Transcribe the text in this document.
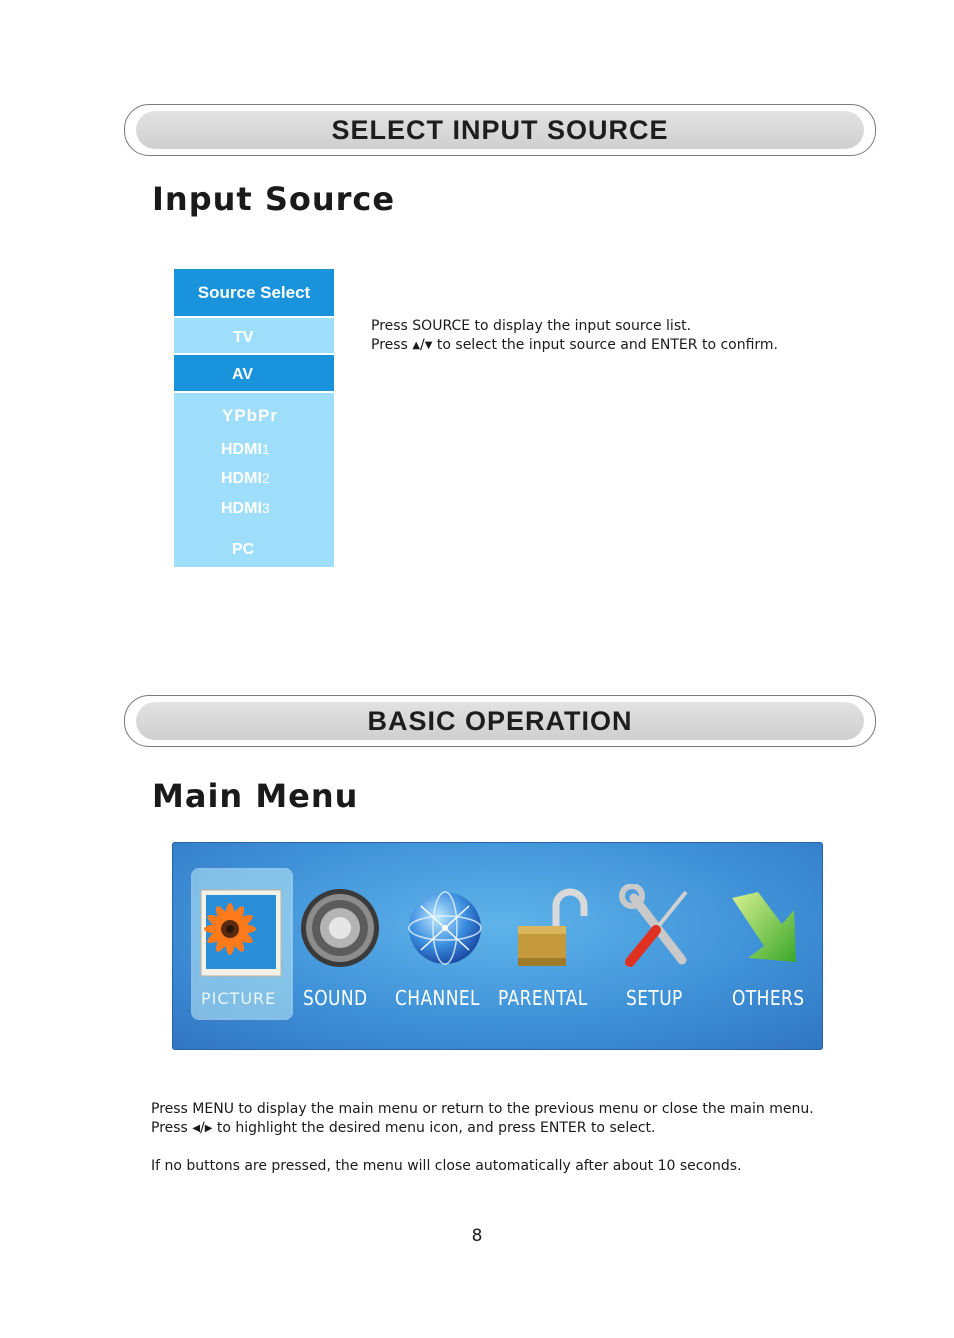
SELECT INPUT SOURCE
Input Source
Source Select
TV
AV
YPbPr
HDMI1
HDMI2
HDMI3
PC
Press SOURCE to display the input source list.
Press ▲/▼ to select the input source and ENTER to confirm.
BASIC OPERATION
Main Menu
PICTURE SOUND CHANNEL PARENTAL SETUP OTHERS
Press MENU to display the main menu or return to the previous menu or close the main menu.
Press ◀/▶ to highlight the desired menu icon, and press ENTER to select.
If no buttons are pressed, the menu will close automatically after about 10 seconds.
8
